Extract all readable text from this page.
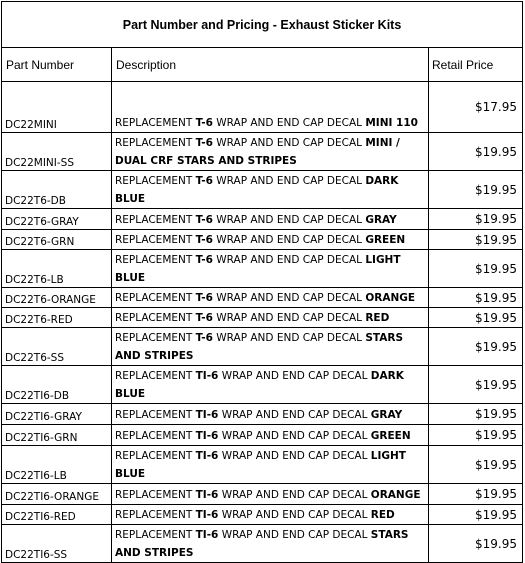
Part Number and Pricing - Exhaust Sticker Kits		
Part Number	Description	Retail Price
DC22MINI	REPLACEMENT T-6 WRAP AND END CAP DECAL MINI 110	$17.95
DC22MINI-SS	REPLACEMENT T-6 WRAP AND END CAP DECAL MINI / DUAL CRF STARS AND STRIPES	$19.95
DC22T6-DB	REPLACEMENT T-6 WRAP AND END CAP DECAL DARK BLUE	$19.95
DC22T6-GRAY	REPLACEMENT T-6 WRAP AND END CAP DECAL GRAY	$19.95
DC22T6-GRN	REPLACEMENT T-6 WRAP AND END CAP DECAL GREEN	$19.95
DC22T6-LB	REPLACEMENT T-6 WRAP AND END CAP DECAL LIGHT BLUE	$19.95
DC22T6-ORANGE	REPLACEMENT T-6 WRAP AND END CAP DECAL ORANGE	$19.95
DC22T6-RED	REPLACEMENT T-6 WRAP AND END CAP DECAL RED	$19.95
DC22T6-SS	REPLACEMENT T-6 WRAP AND END CAP DECAL STARS AND STRIPES	$19.95
DC22TI6-DB	REPLACEMENT TI-6 WRAP AND END CAP DECAL DARK BLUE	$19.95
DC22TI6-GRAY	REPLACEMENT TI-6 WRAP AND END CAP DECAL GRAY	$19.95
DC22TI6-GRN	REPLACEMENT TI-6 WRAP AND END CAP DECAL GREEN	$19.95
DC22TI6-LB	REPLACEMENT TI-6 WRAP AND END CAP DECAL LIGHT BLUE	$19.95
DC22TI6-ORANGE	REPLACEMENT TI-6 WRAP AND END CAP DECAL ORANGE	$19.95
DC22TI6-RED	REPLACEMENT TI-6 WRAP AND END CAP DECAL RED	$19.95
DC22TI6-SS	REPLACEMENT TI-6 WRAP AND END CAP DECAL STARS AND STRIPES	$19.95
